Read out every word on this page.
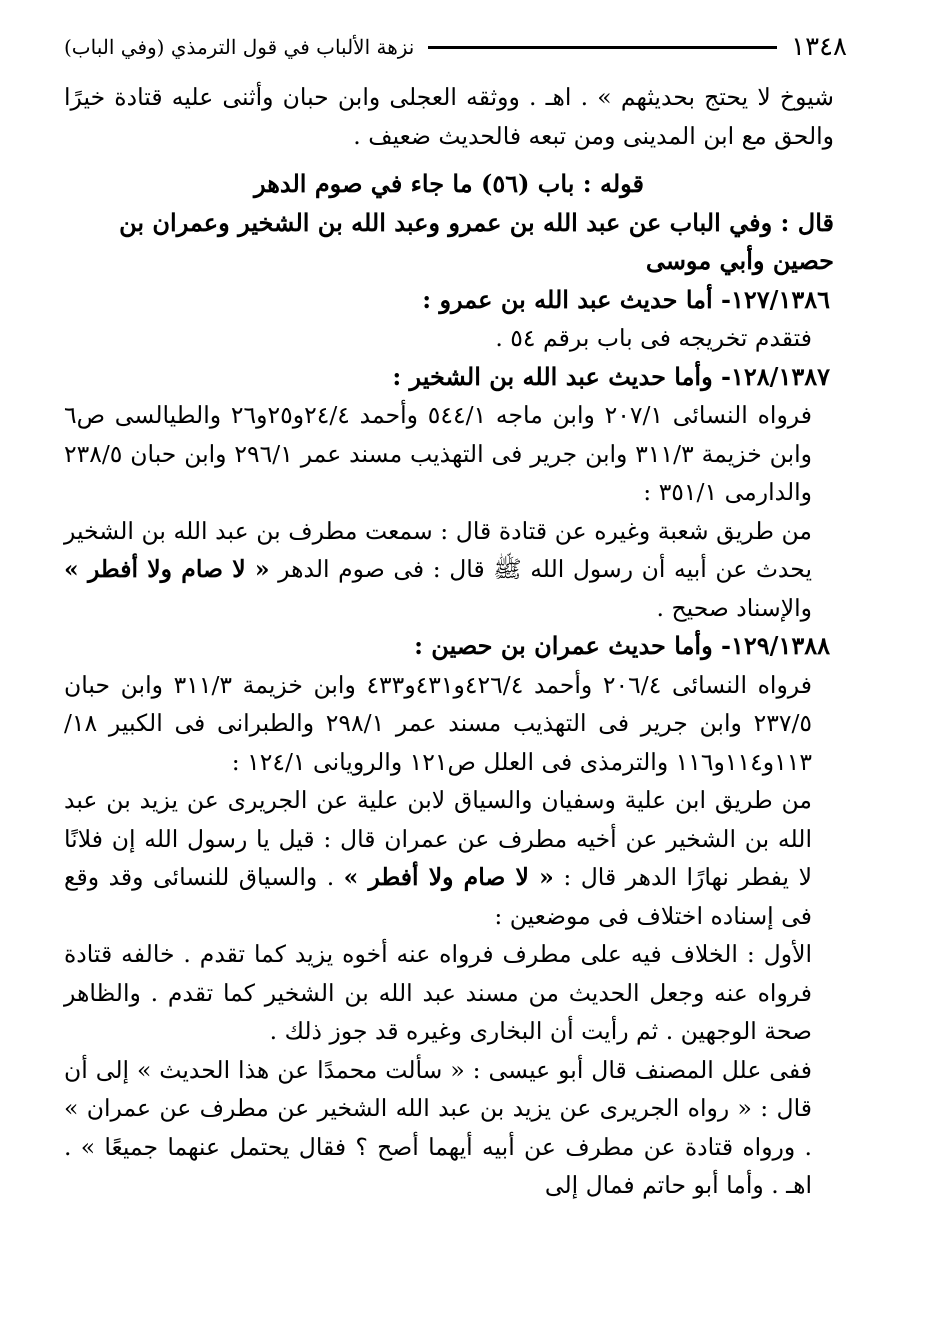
١٣٤٨
نزهة الألباب في قول الترمذي (وفي الباب)

شيوخ لا يحتج بحديثهم » . اهـ . ووثقه العجلى وابن حبان وأثنى عليه قتادة خيرًا والحق مع ابن المدينى ومن تبعه فالحديث ضعيف .

قوله : باب (٥٦) ما جاء في صوم الدهر

قال : وفي الباب عن عبد الله بن عمرو وعبد الله بن الشخير وعمران بن حصين وأبي موسى

١٢٧/١٣٨٦- أما حديث عبد الله بن عمرو :

فتقدم تخريجه فى باب برقم ٥٤ .

١٢٨/١٣٨٧- وأما حديث عبد الله بن الشخير :

فرواه النسائى ٢٠٧/١ وابن ماجه ٥٤٤/١ وأحمد ٢٤/٤و٢٥و٢٦ والطيالسى ص٦ وابن خزيمة ٣١١/٣ وابن جرير فى التهذيب مسند عمر ٢٩٦/١ وابن حبان ٢٣٨/٥ والدارمى ٣٥١/١ :

من طريق شعبة وغيره عن قتادة قال : سمعت مطرف بن عبد الله بن الشخير يحدث عن أبيه أن رسول الله ﷺ قال : فى صوم الدهر « لا صام ولا أفطر » والإسناد صحيح .

١٢٩/١٣٨٨- وأما حديث عمران بن حصين :

فرواه النسائى ٢٠٦/٤ وأحمد ٤٢٦/٤و٤٣١و٤٣٣ وابن خزيمة ٣١١/٣ وابن حبان ٢٣٧/٥ وابن جرير فى التهذيب مسند عمر ٢٩٨/١ والطبرانى فى الكبير ١٨/ ١١٣و١١٤و١١٦ والترمذى فى العلل ص١٢١ والرويانى ١٢٤/١ :

من طريق ابن علية وسفيان والسياق لابن علية عن الجريرى عن يزيد بن عبد الله بن الشخير عن أخيه مطرف عن عمران قال : قيل يا رسول الله إن فلانًا لا يفطر نهارًا الدهر قال : « لا صام ولا أفطر » . والسياق للنسائى وقد وقع فى إسناده اختلاف فى موضعين :

الأول : الخلاف فيه على مطرف فرواه عنه أخوه يزيد كما تقدم . خالفه قتادة فرواه عنه وجعل الحديث من مسند عبد الله بن الشخير كما تقدم . والظاهر صحة الوجهين . ثم رأيت أن البخارى وغيره قد جوز ذلك .

ففى علل المصنف قال أبو عيسى : « سألت محمدًا عن هذا الحديث » إلى أن قال : « رواه الجريرى عن يزيد بن عبد الله الشخير عن مطرف عن عمران » . ورواه قتادة عن مطرف عن أبيه أيهما أصح ؟ فقال يحتمل عنهما جميعًا » . اهـ . وأما أبو حاتم فمال إلى
